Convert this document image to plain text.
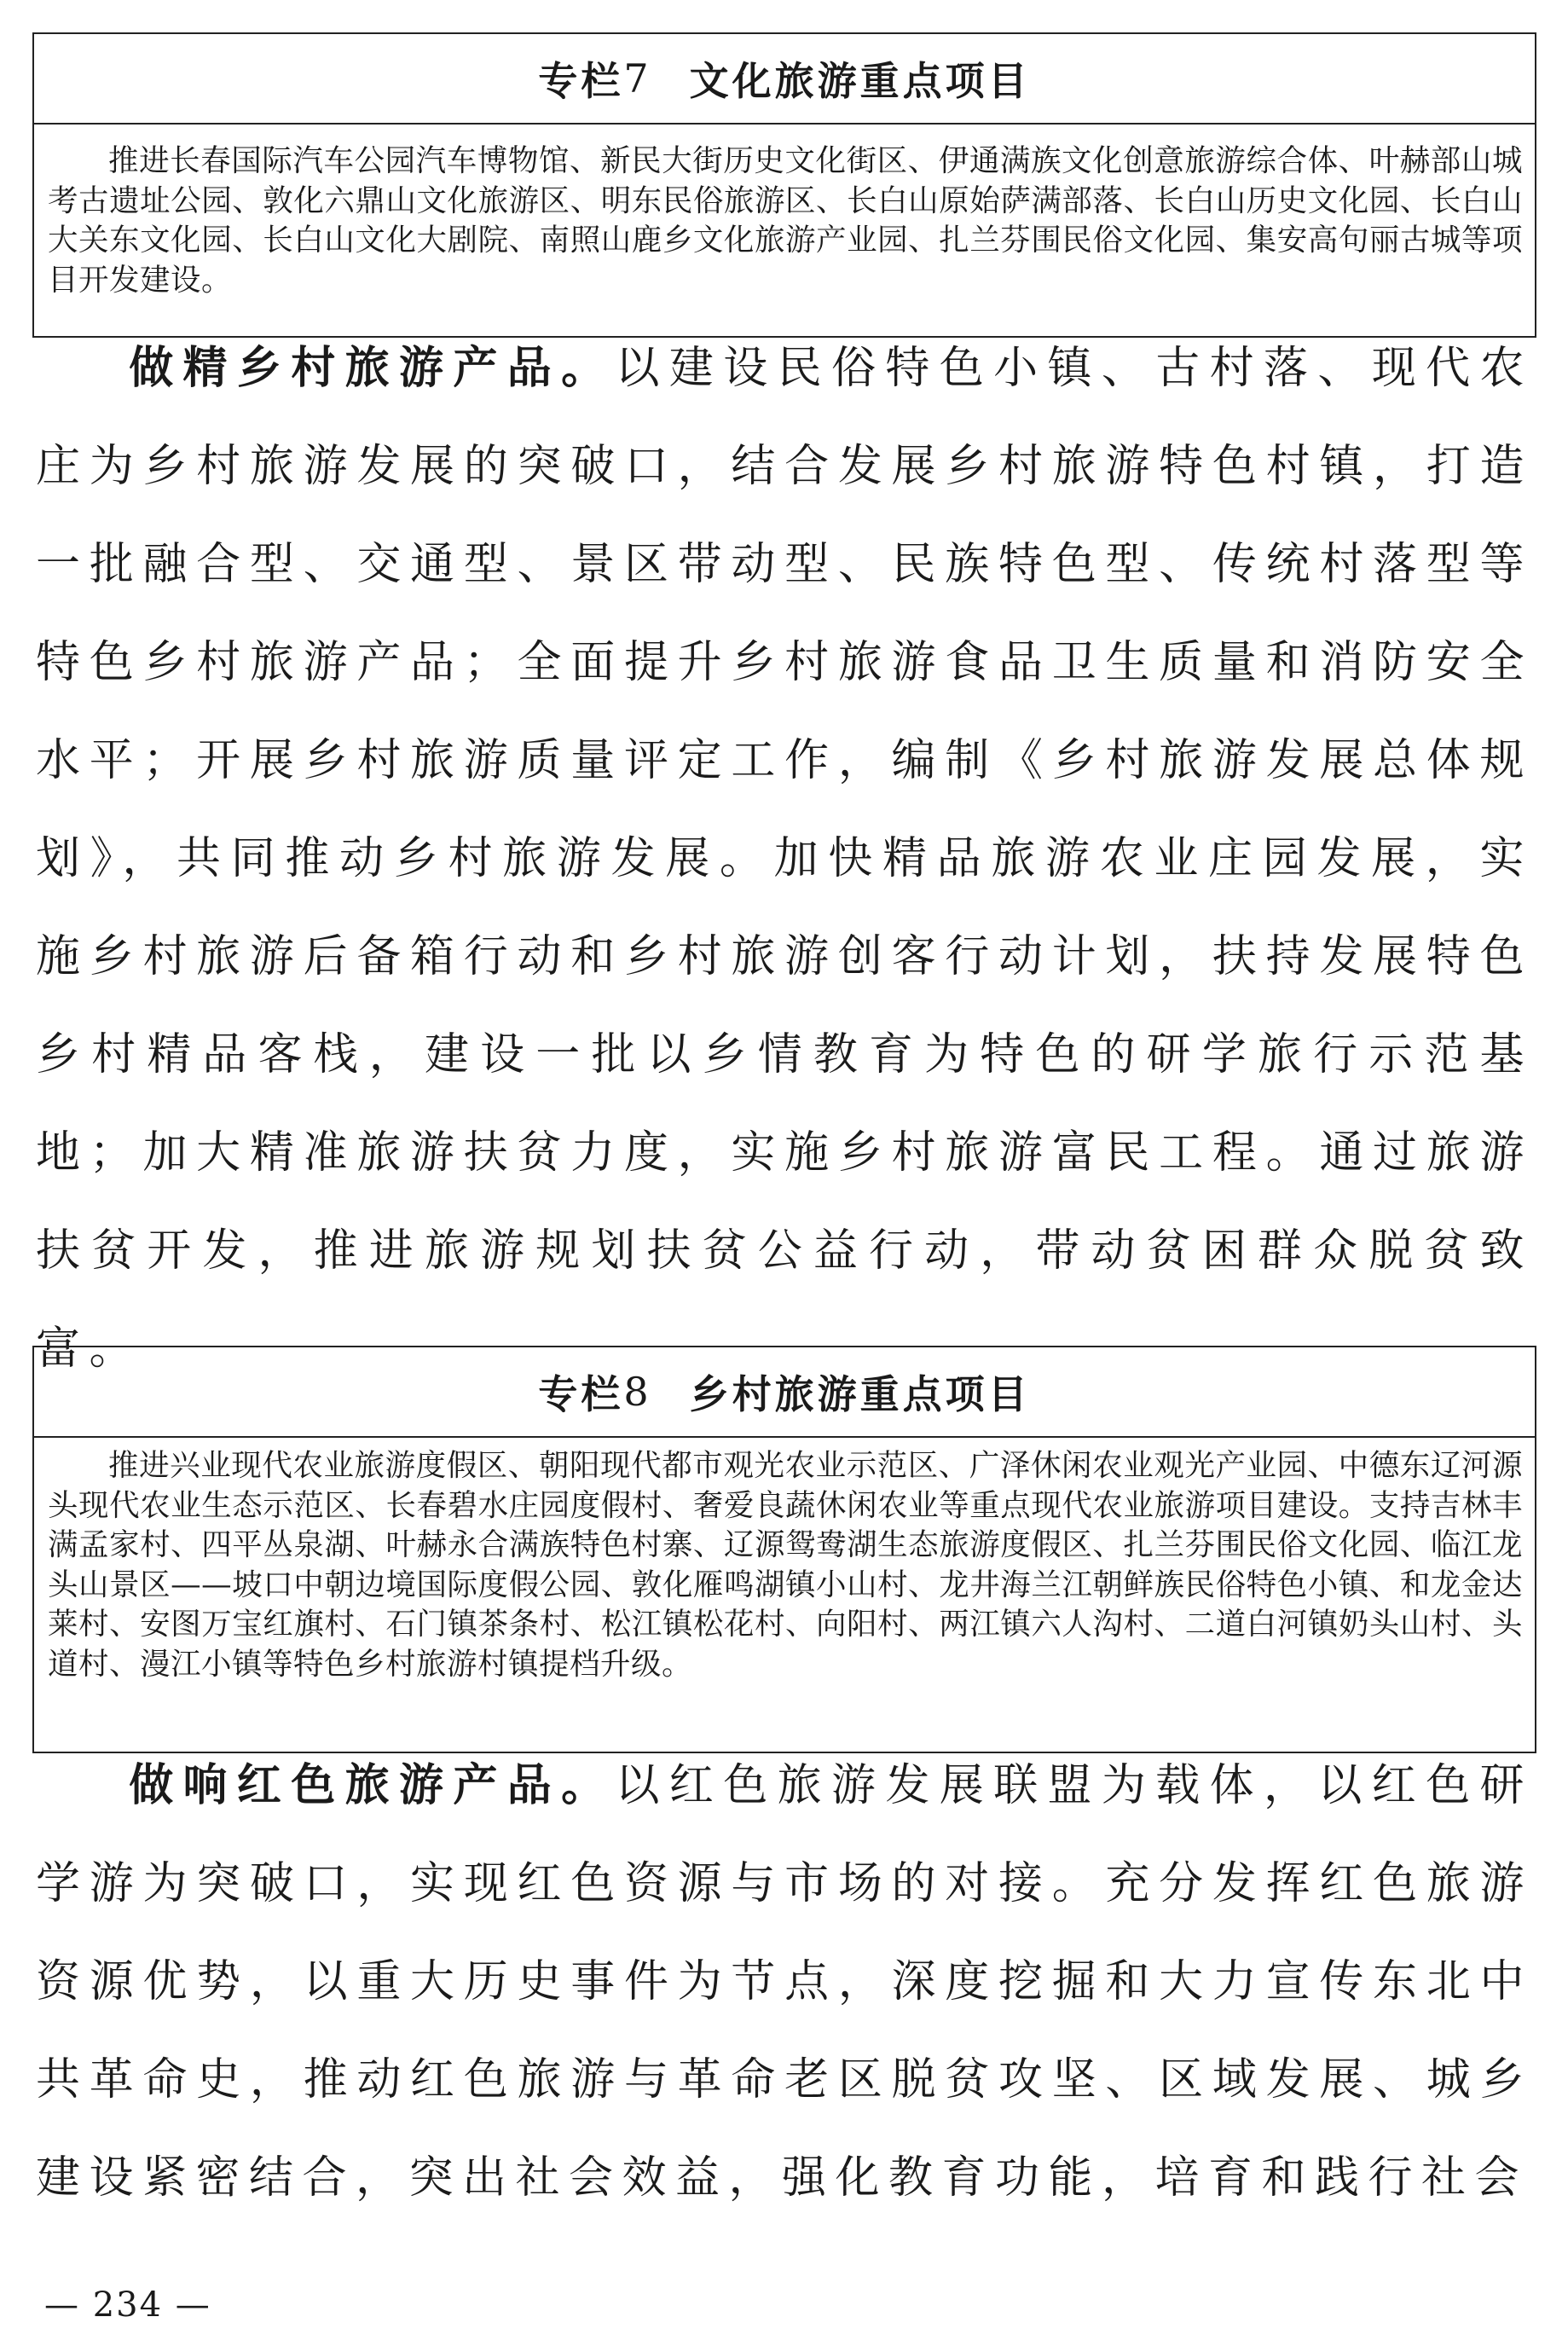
专栏 7 文化旅游重点项目
推进长春国际汽车公园汽车博物馆、新民大街历史文化街区、伊通满族文化创意旅游综合体、叶赫部山城考古遗址公园、敦化六鼎山文化旅游区、明东民俗旅游区、长白山原始萨满部落、长白山历史文化园、长白山大关东文化园、长白山文化大剧院、南照山鹿乡文化旅游产业园、扎兰芬围民俗文化园、集安高句丽古城等项目开发建设。

做精乡村旅游产品。以建设民俗特色小镇、古村落、现代农庄为乡村旅游发展的突破口，结合发展乡村旅游特色村镇，打造一批融合型、交通型、景区带动型、民族特色型、传统村落型等特色乡村旅游产品；全面提升乡村旅游食品卫生质量和消防安全水平；开展乡村旅游质量评定工作，编制《乡村旅游发展总体规划》，共同推动乡村旅游发展。加快精品旅游农业庄园发展，实施乡村旅游后备箱行动和乡村旅游创客行动计划，扶持发展特色乡村精品客栈，建设一批以乡情教育为特色的研学旅行示范基地；加大精准旅游扶贫力度，实施乡村旅游富民工程。通过旅游扶贫开发，推进旅游规划扶贫公益行动，带动贫困群众脱贫致富。

专栏 8 乡村旅游重点项目
推进兴业现代农业旅游度假区、朝阳现代都市观光农业示范区、广泽休闲农业观光产业园、中德东辽河源头现代农业生态示范区、长春碧水庄园度假村、奢爱良蔬休闲农业等重点现代农业旅游项目建设。支持吉林丰满孟家村、四平丛泉湖、叶赫永合满族特色村寨、辽源鸳鸯湖生态旅游度假区、扎兰芬围民俗文化园、临江龙头山景区——坡口中朝边境国际度假公园、敦化雁鸣湖镇小山村、龙井海兰江朝鲜族民俗特色小镇、和龙金达莱村、安图万宝红旗村、石门镇茶条村、松江镇松花村、向阳村、两江镇六人沟村、二道白河镇奶头山村、头道村、漫江小镇等特色乡村旅游村镇提档升级。

做响红色旅游产品。以红色旅游发展联盟为载体，以红色研学游为突破口，实现红色资源与市场的对接。充分发挥红色旅游资源优势，以重大历史事件为节点，深度挖掘和大力宣传东北中共革命史，推动红色旅游与革命老区脱贫攻坚、区域发展、城乡建设紧密结合，突出社会效益，强化教育功能，培育和践行社会

— 234 —
